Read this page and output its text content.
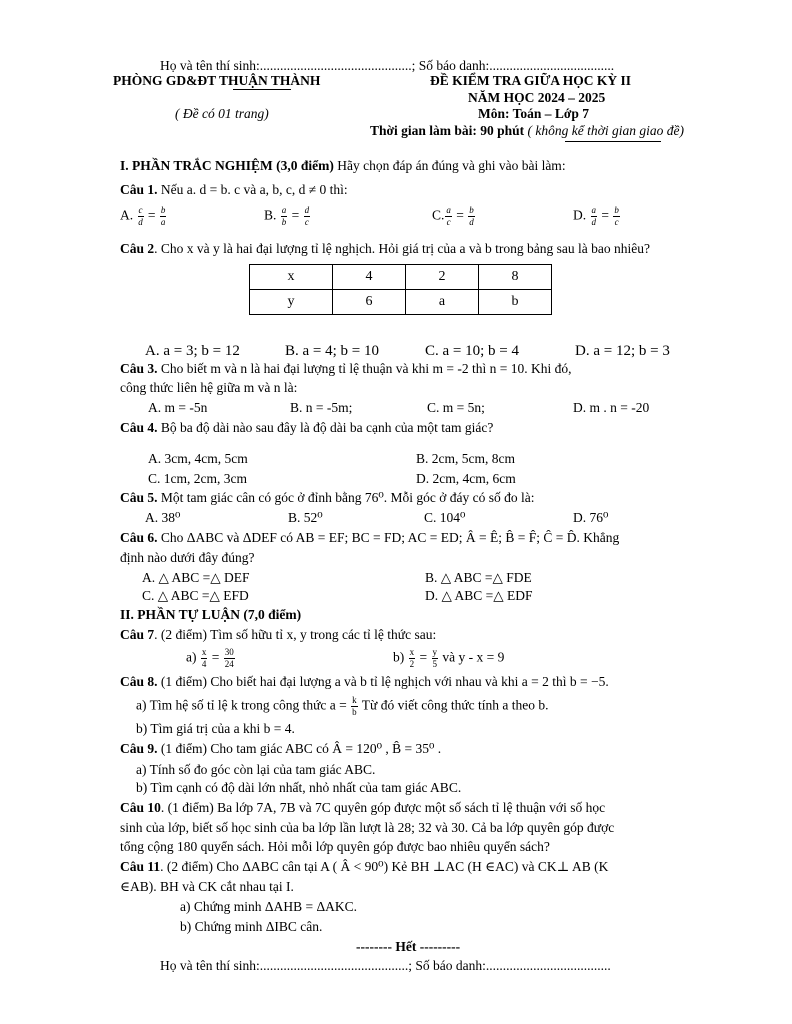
Họ và tên thí sinh:.............................................; Số báo danh:.....................................
PHÒNG GD&ĐT THUẬN THÀNH	ĐỀ KIỂM TRA GIỮA HỌC KỲ II
NĂM HỌC 2024 – 2025
( Đề có 01 trang)	Môn: Toán – Lớp 7
Thời gian làm bài: 90 phút ( không kể thời gian giao đề)
I. PHẦN TRẮC NGHIỆM (3,0 điểm) Hãy chọn đáp án đúng và ghi vào bài làm:
Câu 1. Nếu a. d = b. c và a, b, c, d ≠ 0 thì:
A. $\frac{c}{d} = \frac{b}{a}$	B. $\frac{a}{b} = \frac{d}{c}$	C. $\frac{a}{c} = \frac{b}{d}$	D. $\frac{a}{d} = \frac{b}{c}$
Câu 2. Cho x và y là hai đại lượng tỉ lệ nghịch. Hỏi giá trị của a và b trong bảng sau là bao nhiêu?
x	4	2	8
y	6	a	b
A. a = 3; b = 12	B. a = 4; b = 10	C. a = 10; b = 4	D. a = 12; b = 3
Câu 3. Cho biết m và n là hai đại lượng tỉ lệ thuận và khi m = -2 thì n = 10. Khi đó,
công thức liên hệ giữa m và n là:
A. m = -5n	B. n = -5m;	C. m = 5n;	D. m . n = -20
Câu 4. Bộ ba độ dài nào sau đây là độ dài ba cạnh của một tam giác?
A. 3cm, 4cm, 5cm	B. 2cm, 5cm, 8cm
C. 1cm, 2cm, 3cm	D. 2cm, 4cm, 6cm
Câu 5. Một tam giác cân có góc ở đỉnh bằng 76⁰. Mỗi góc ở đáy có số đo là:
A. 38⁰	B. 52⁰	C. 104⁰	D. 76⁰
Câu 6. Cho ΔABC và ΔDEF có AB = EF; BC = FD; AC = ED; Â = Ê; B̂ = F̂; Ĉ = D̂. Khẳng
định nào dưới đây đúng?
A. △ ABC =△ DEF	B. △ ABC =△ FDE
C. △ ABC =△ EFD	D. △ ABC =△ EDF
II. PHẦN TỰ LUẬN (7,0 điểm)
Câu 7. (2 điểm) Tìm số hữu tỉ x, y trong các tỉ lệ thức sau:
$a) \frac{x}{4} = \frac{30}{24}$	$b) \frac{x}{2} = \frac{y}{5}$ và y - x = 9
Câu 8. (1 điểm) Cho biết hai đại lượng a và b tỉ lệ nghịch với nhau và khi a = 2 thì b = −5.
a) Tìm hệ số tỉ lệ k trong công thức $a = \frac{k}{b}$ Từ đó viết công thức tính a theo b.
b) Tìm giá trị của a khi b = 4.
Câu 9. (1 điểm) Cho tam giác ABC có Â = 120⁰ , B̂ = 35⁰ .
a) Tính số đo góc còn lại của tam giác ABC.
b) Tìm cạnh có độ dài lớn nhất, nhỏ nhất của tam giác ABC.
Câu 10. (1 điểm) Ba lớp 7A, 7B và 7C quyên góp được một số sách tỉ lệ thuận với số học
sinh của lớp, biết số học sinh của ba lớp lần lượt là 28; 32 và 30. Cả ba lớp quyên góp được
tổng cộng 180 quyển sách. Hỏi mỗi lớp quyên góp được bao nhiêu quyển sách?
Câu 11. (2 điểm) Cho ΔABC cân tại A ( Â < 90⁰) Kẻ BH ⊥AC (H ∈AC) và CK⊥ AB (K
∈AB). BH và CK cắt nhau tại I.
a) Chứng minh ΔAHB = ΔAKC.
b) Chứng minh ΔIBC cân.
-------- Hết ---------
Họ và tên thí sinh:............................................; Số báo danh:.....................................
